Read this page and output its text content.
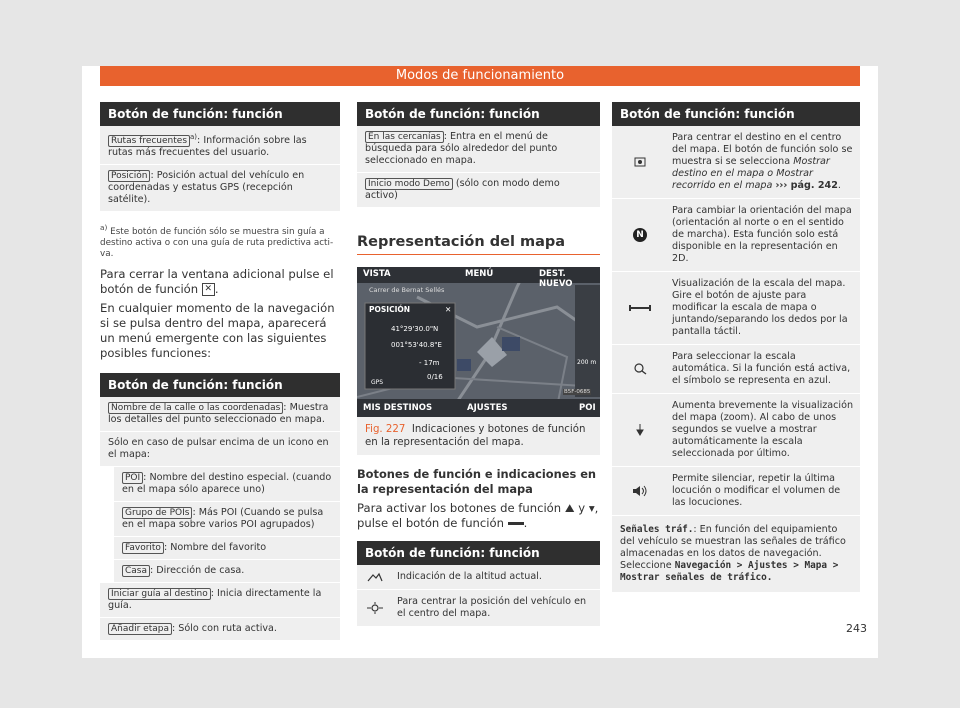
Modos de funcionamiento
Botón de función: función
Rutas frecuentes $^{a)}$: Información sobre las rutas más frecuentes del usuario.
Posición : Posición actual del vehículo en coordenadas y estatus GPS (recepción satélite).
$^{a)}$ Este botón de función sólo se muestra sin guía a destino activa o con una guía de ruta predictiva activa.
Para cerrar la ventana adicional pulse el botón de función ✕ .
En cualquier momento de la navegación si se pulsa dentro del mapa, aparecerá un menú emergente con las siguientes posibles funciones:
Botón de función: función
Nombre de la calle o las coordenadas : Muestra los detalles del punto seleccionado en mapa.
Sólo en caso de pulsar encima de un icono en el mapa:
POI : Nombre del destino especial. (cuando en el mapa sólo aparece uno)
Grupo de POIs : Más POI (Cuando se pulsa en el mapa sobre varios POI agrupados)
Favorito : Nombre del favorito
Casa : Dirección de casa.
Iniciar guía al destino : Inicia directamente la guía.
Añadir etapa : Sólo con ruta activa.
Botón de función: función
En las cercanías : Entra en el menú de búsqueda para sólo alrededor del punto seleccionado en mapa.
Inicio modo Demo (sólo con modo demo activo)
Representación del mapa
VISTA	MENÚ	DEST. NUEVO
Carrer de Bernat Sellés
POSICIÓN	✕
41°29'30.0"N
001°53'40.8"E
- 17m
0/16
GPS
200 m
MIS DESTINOS	AJUSTES	POI
B5F-0685
Fig. 227 Indicaciones y botones de función en la representación del mapa.
Botones de función e indicaciones en la representación del mapa
Para activar los botones de función ⛰ y ▾, pulse el botón de función .
Botón de función: función
Indicación de la altitud actual.
Para centrar la posición del vehículo en el centro del mapa.
Botón de función: función
Para centrar el destino en el centro del mapa. El botón de función solo se muestra si se selecciona Mostrar destino en el mapa o Mostrar recorrido en el mapa ››› pág. 242.
N
Para cambiar la orientación del mapa (orientación al norte o en el sentido de marcha). Esta función solo está disponible en la representación en 2D.
Visualización de la escala del mapa. Gire el botón de ajuste para modificar la escala de mapa o juntando/separando los dedos por la pantalla táctil.
Para seleccionar la escala automática. Si la función está activa, el símbolo se representa en azul.
Aumenta brevemente la visualización del mapa (zoom). Al cabo de unos segundos se vuelve a mostrar automáticamente la escala seleccionada por último.
Permite silenciar, repetir la última locución o modificar el volumen de las locuciones.
Señales tráf.: En función del equipamiento del vehículo se muestran las señales de tráfico almacenadas en los datos de navegación. Seleccione Navegación > Ajustes > Mapa > Mostrar señales de tráfico.
243
